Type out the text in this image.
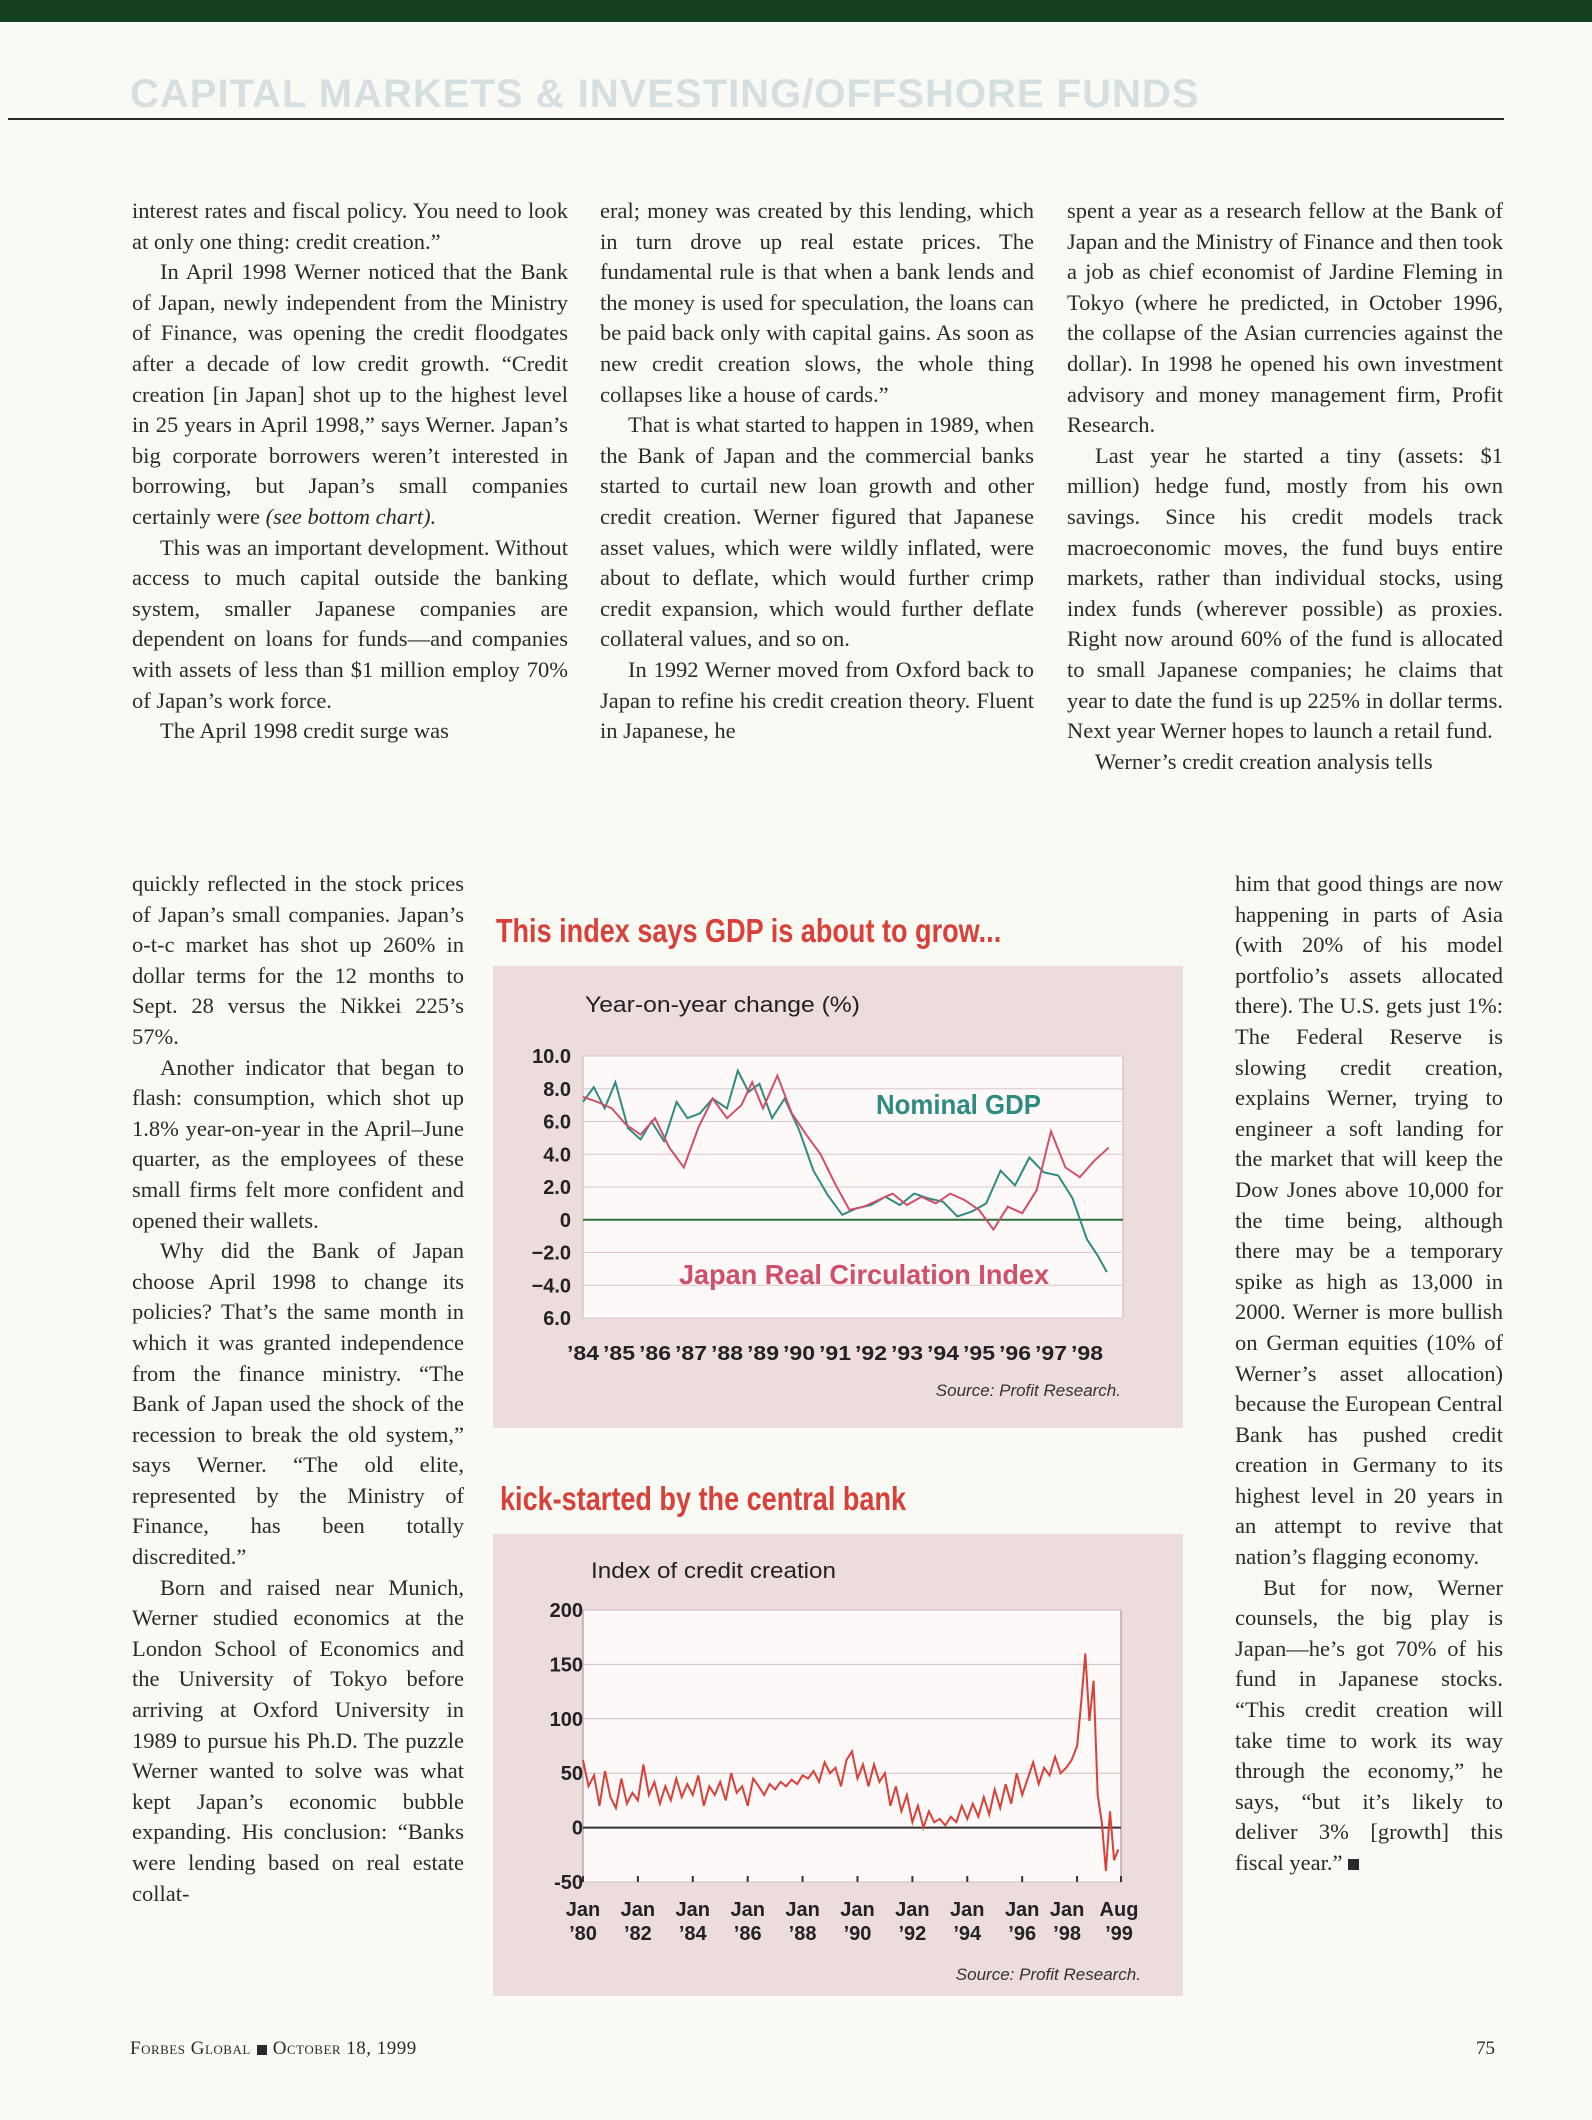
CAPITAL MARKETS & INVESTING/OFFSHORE FUNDS

interest rates and fiscal policy. You need to look at only one thing: credit creation.”

In April 1998 Werner noticed that the Bank of Japan, newly independent from the Ministry of Finance, was opening the credit floodgates after a decade of low credit growth. “Credit creation [in Japan] shot up to the highest level in 25 years in April 1998,” says Werner. Japan’s big corporate borrowers weren’t interested in borrowing, but Japan’s small companies certainly were (see bottom chart).

This was an important development. Without access to much capital outside the banking system, smaller Japanese companies are dependent on loans for funds—and companies with assets of less than $1 million employ 70% of Japan’s work force.

The April 1998 credit surge was

quickly reflected in the stock prices of Japan’s small companies. Japan’s o-t-c market has shot up 260% in dollar terms for the 12 months to Sept. 28 versus the Nikkei 225’s 57%.

Another indicator that began to flash: consumption, which shot up 1.8% year-on-year in the April–June quarter, as the employees of these small firms felt more confident and opened their wallets.

Why did the Bank of Japan choose April 1998 to change its policies? That’s the same month in which it was granted independence from the finance ministry. “The Bank of Japan used the shock of the recession to break the old system,” says Werner. “The old elite, represented by the Ministry of Finance, has been totally discredited.”

Born and raised near Munich, Werner studied economics at the London School of Economics and the University of Tokyo before arriving at Oxford University in 1989 to pursue his Ph.D. The puzzle Werner wanted to solve was what kept Japan’s economic bubble expanding. His conclusion: “Banks were lending based on real estate collat-

eral; money was created by this lending, which in turn drove up real estate prices. The fundamental rule is that when a bank lends and the money is used for speculation, the loans can be paid back only with capital gains. As soon as new credit creation slows, the whole thing collapses like a house of cards.”

That is what started to happen in 1989, when the Bank of Japan and the commercial banks started to curtail new loan growth and other credit creation. Werner figured that Japanese asset values, which were wildly inflated, were about to deflate, which would further crimp credit expansion, which would further deflate collateral values, and so on.

In 1992 Werner moved from Oxford back to Japan to refine his credit creation theory. Fluent in Japanese, he

spent a year as a research fellow at the Bank of Japan and the Ministry of Finance and then took a job as chief economist of Jardine Fleming in Tokyo (where he predicted, in October 1996, the collapse of the Asian currencies against the dollar). In 1998 he opened his own investment advisory and money management firm, Profit Research.

Last year he started a tiny (assets: $1 million) hedge fund, mostly from his own savings. Since his credit models track macroeconomic moves, the fund buys entire markets, rather than individual stocks, using index funds (wherever possible) as proxies. Right now around 60% of the fund is allocated to small Japanese companies; he claims that year to date the fund is up 225% in dollar terms. Next year Werner hopes to launch a retail fund.

Werner’s credit creation analysis tells

him that good things are now happening in parts of Asia (with 20% of his model portfolio’s assets allocated there). The U.S. gets just 1%: The Federal Reserve is slowing credit creation, explains Werner, trying to engineer a soft landing for the market that will keep the Dow Jones above 10,000 for the time being, although there may be a temporary spike as high as 13,000 in 2000. Werner is more bullish on German equities (10% of Werner’s asset allocation) because the European Central Bank has pushed credit creation in Germany to its highest level in 20 years in an attempt to revive that nation’s flagging economy.

But for now, Werner counsels, the big play is Japan—he’s got 70% of his fund in Japanese stocks. “This credit creation will take time to work its way through the economy,” he says, “but it’s likely to deliver 3% [growth] this fiscal year.”

This index says GDP is about to grow...
Year-on-year change (%)
10.0
8.0
6.0
4.0
2.0
0
−2.0
−4.0
6.0
’84 ’85 ’86 ’87 ’88 ’89 ’90 ’91 ’92 ’93 ’94 ’95 ’96 ’97 ’98
Nominal GDP
Japan Real Circulation Index
Source: Profit Research.
kick-started by the central bank
Index of credit creation
200
150
100
50
0
-50
Jan ’80
Jan ’82
Jan ’84
Jan ’86
Jan ’88
Jan ’90
Jan ’92
Jan ’94
Jan ’96
Jan ’98
Aug ’99
Source: Profit Research.
Forbes Global October 18, 1999	75
